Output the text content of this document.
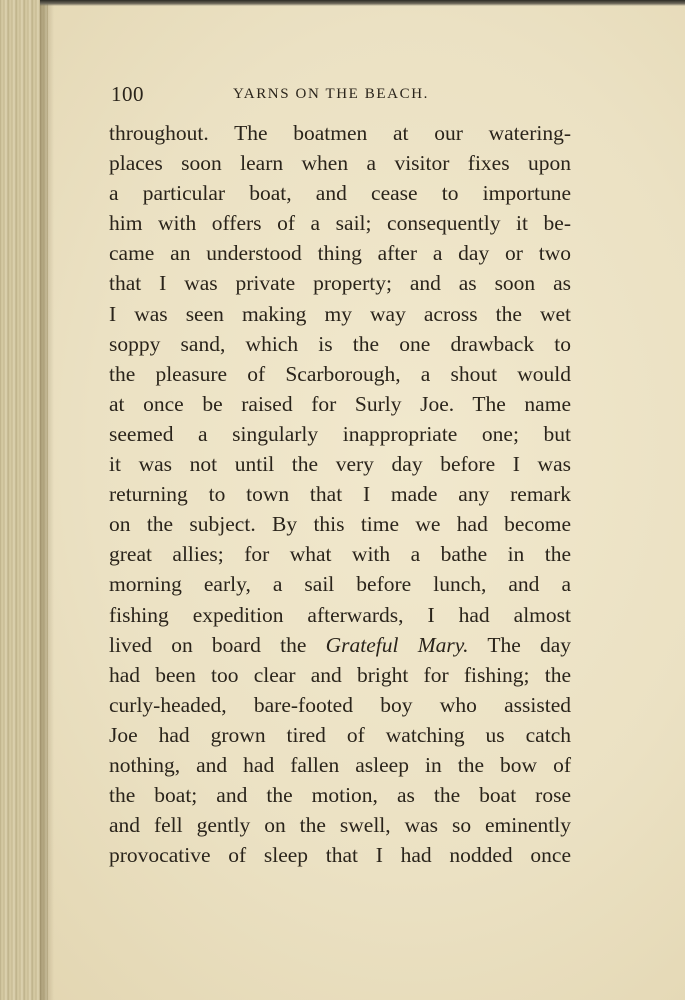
100	YARNS ON THE BEACH.
throughout. The boatmen at our watering-
places soon learn when a visitor fixes upon
a particular boat, and cease to importune
him with offers of a sail; consequently it be-
came an understood thing after a day or two
that I was private property; and as soon as
I was seen making my way across the wet
soppy sand, which is the one drawback to
the pleasure of Scarborough, a shout would
at once be raised for Surly Joe. The name
seemed a singularly inappropriate one; but
it was not until the very day before I was
returning to town that I made any remark
on the subject. By this time we had become
great allies; for what with a bathe in the
morning early, a sail before lunch, and a
fishing expedition afterwards, I had almost
lived on board the Grateful Mary. The day
had been too clear and bright for fishing; the
curly-headed, bare-footed boy who assisted
Joe had grown tired of watching us catch
nothing, and had fallen asleep in the bow of
the boat; and the motion, as the boat rose
and fell gently on the swell, was so eminently
provocative of sleep that I had nodded once
